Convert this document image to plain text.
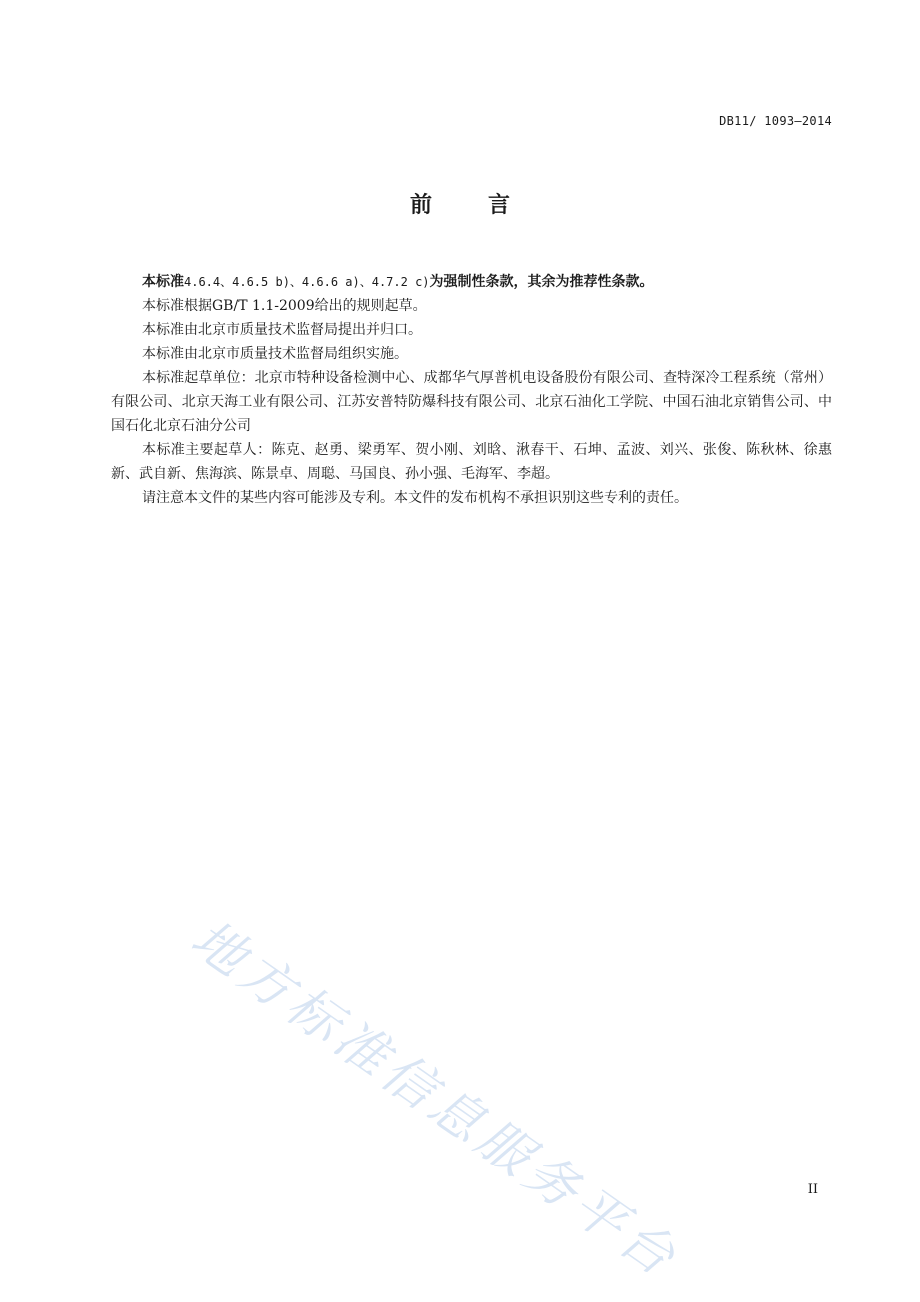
DB11/ 1093—2014
前	言

本标准4.6.4、4.6.5 b)、4.6.6 a)、4.7.2 c)为强制性条款，其余为推荐性条款。

本标准根据GB/T 1.1-2009给出的规则起草。

本标准由北京市质量技术监督局提出并归口。

本标准由北京市质量技术监督局组织实施。

本标准起草单位：北京市特种设备检测中心、成都华气厚普机电设备股份有限公司、查特深冷工程系统（常州）有限公司、北京天海工业有限公司、江苏安普特防爆科技有限公司、北京石油化工学院、中国石油北京销售公司、中国石化北京石油分公司

本标准主要起草人：陈克、赵勇、梁勇军、贺小刚、刘晗、湫春干、石坤、孟波、刘兴、张俊、陈秋林、徐惠新、武自新、焦海滨、陈景卓、周聪、马国良、孙小强、毛海军、李超。

请注意本文件的某些内容可能涉及专利。本文件的发布机构不承担识别这些专利的责任。

地方标准信息服务平台	II
